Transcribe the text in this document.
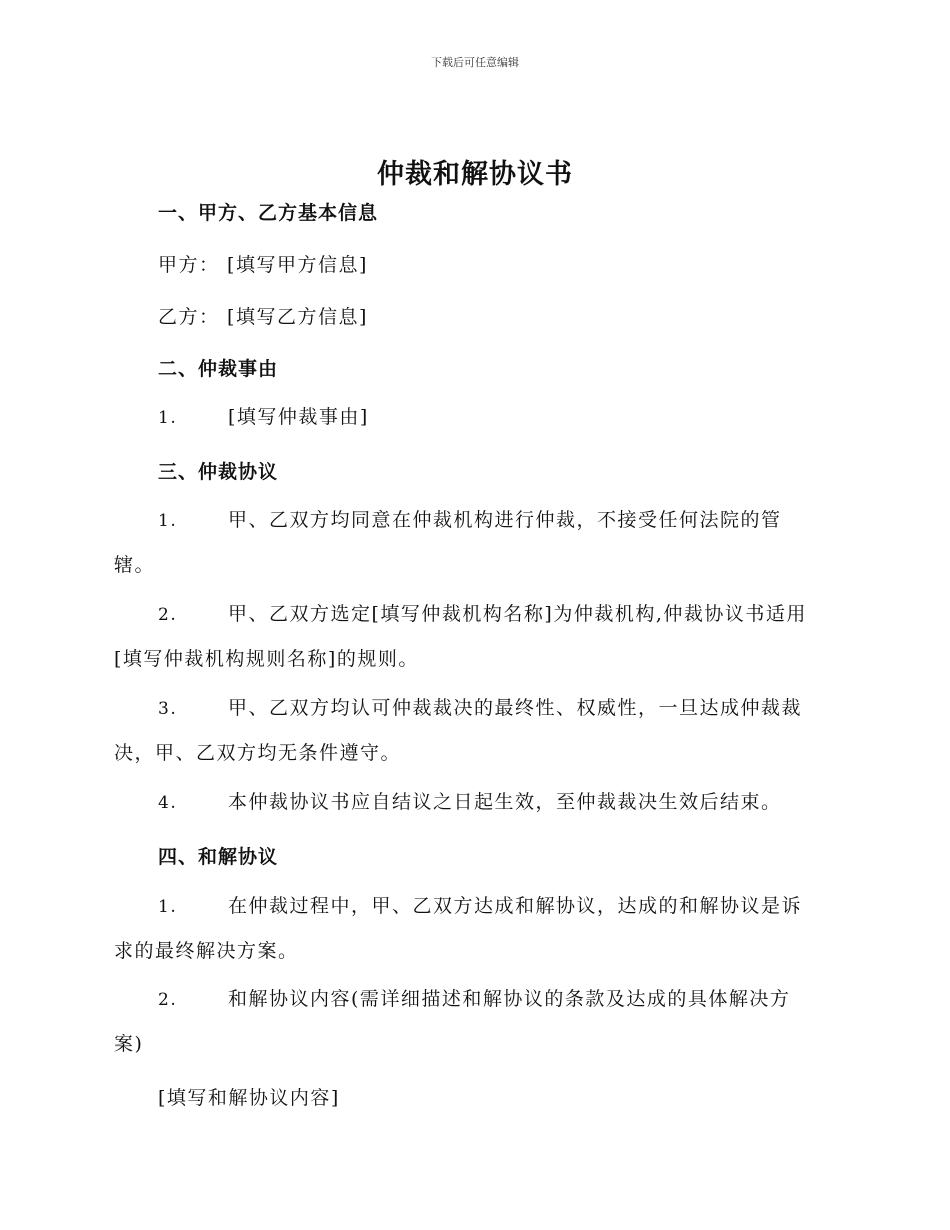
下载后可任意编辑
仲裁和解协议书
一、甲方、乙方基本信息
甲方： [填写甲方信息]
乙方： [填写乙方信息]
二、仲裁事由
1.	[填写仲裁事由]
三、仲裁协议
1.	甲、乙双方均同意在仲裁机构进行仲裁，不接受任何法院的管
辖。
2.	甲、乙双方选定[填写仲裁机构名称]为仲裁机构,仲裁协议书适用
[填写仲裁机构规则名称]的规则。
3.	甲、乙双方均认可仲裁裁决的最终性、权威性，一旦达成仲裁裁
决，甲、乙双方均无条件遵守。
4.	本仲裁协议书应自结议之日起生效，至仲裁裁决生效后结束。
四、和解协议
1.	在仲裁过程中，甲、乙双方达成和解协议，达成的和解协议是诉
求的最终解决方案。
2.	和解协议内容(需详细描述和解协议的条款及达成的具体解决方
案)
[填写和解协议内容]
